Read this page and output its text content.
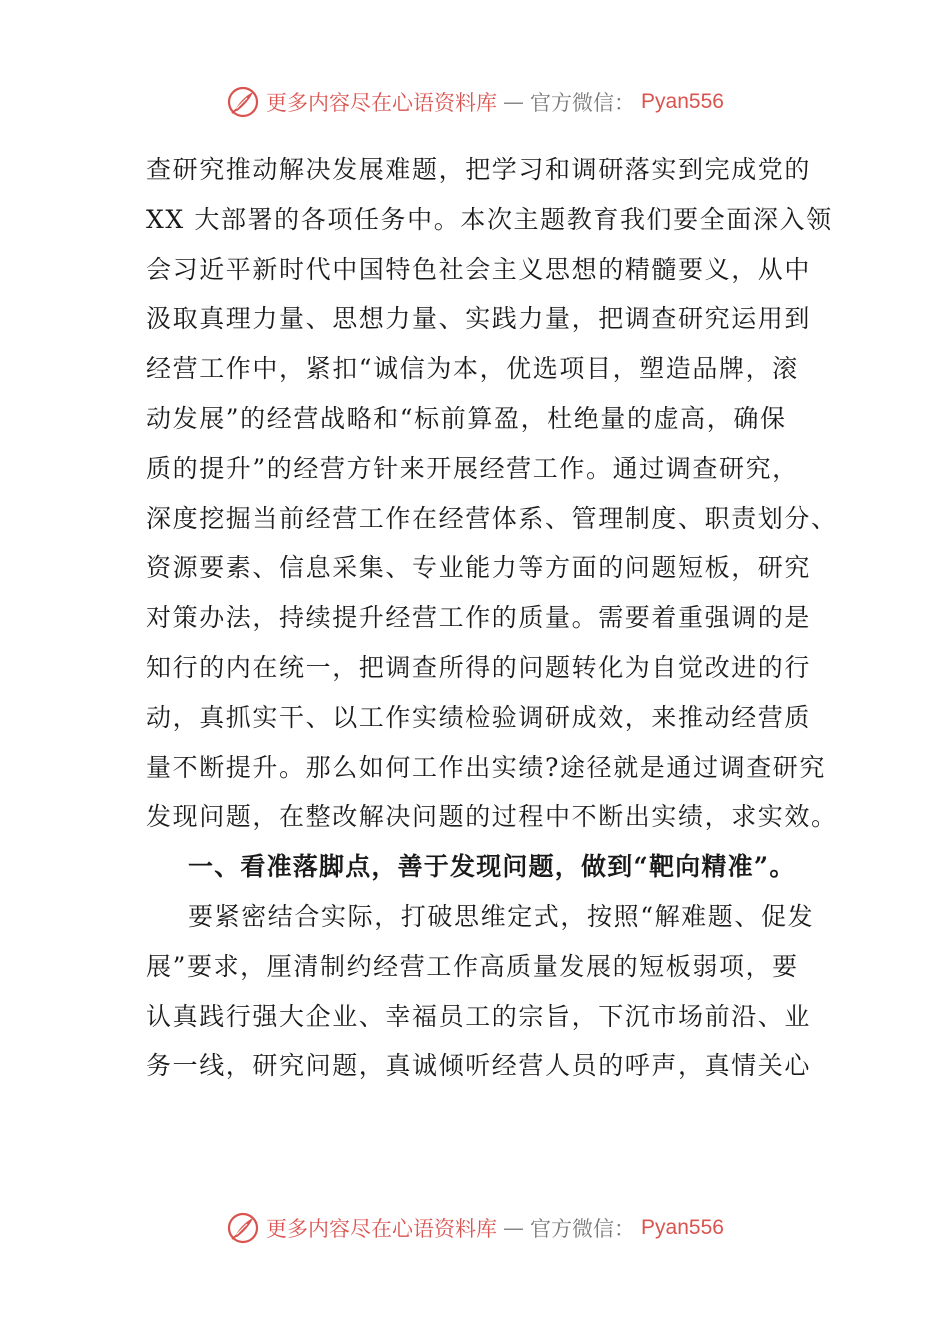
更多内容尽在心语资料库 — 官方微信： Pyan556
查研究推动解决发展难题，把学习和调研落实到完成党的
XX 大部署的各项任务中。本次主题教育我们要全面深入领
会习近平新时代中国特色社会主义思想的精髓要义，从中
汲取真理力量、思想力量、实践力量，把调查研究运用到
经营工作中，紧扣“诚信为本，优选项目，塑造品牌，滚
动发展”的经营战略和“标前算盈，杜绝量的虚高，确保
质的提升”的经营方针来开展经营工作。通过调查研究，
深度挖掘当前经营工作在经营体系、管理制度、职责划分、
资源要素、信息采集、专业能力等方面的问题短板，研究
对策办法，持续提升经营工作的质量。需要着重强调的是
知行的内在统一，把调查所得的问题转化为自觉改进的行
动，真抓实干、以工作实绩检验调研成效，来推动经营质
量不断提升。那么如何工作出实绩?途径就是通过调查研究
发现问题，在整改解决问题的过程中不断出实绩，求实效。
一、看准落脚点，善于发现问题，做到“靶向精准”。
要紧密结合实际，打破思维定式，按照“解难题、促发
展”要求，厘清制约经营工作高质量发展的短板弱项，要
认真践行强大企业、幸福员工的宗旨，下沉市场前沿、业
务一线，研究问题，真诚倾听经营人员的呼声，真情关心
更多内容尽在心语资料库 — 官方微信： Pyan556
